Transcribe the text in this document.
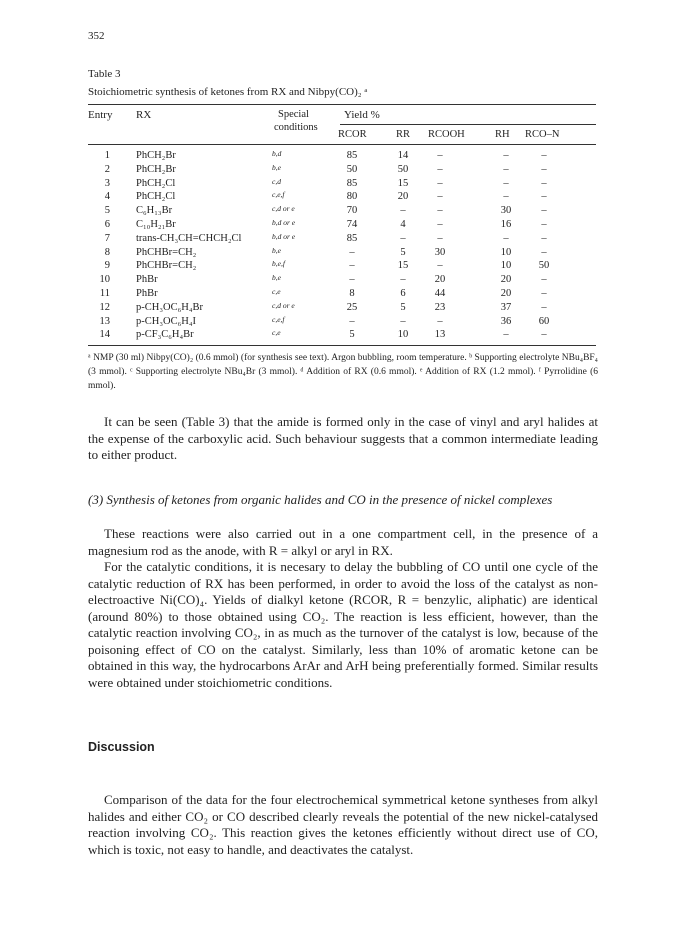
352
Table 3
Stoichiometric synthesis of ketones from RX and Nibpy(CO)₂ ᵃ
Entry RX	Special
conditions
Yield %
RCOR	RR RCOOH	RH RCO–N
1 PhCH₂Br	b,d	85	14	–	–	–
2 PhCH₂Br	b,e	50	50	–	–	–
3 PhCH₂Cl	c,d	85	15	–	–	–
4 PhCH₂Cl	c,e,f	80	20	–	–	–
5 C₆H₁₃Br	c,d or e	70	–	–	30	–
6 C₁₀H₂₁Br	b,d or e	74	4	–	16	–
7 trans-CH₃CH=CHCH₂Cl	b,d or e	85	–	–	–	–
8 PhCHBr=CH₂	b,e	–	5	30	10	–
9 PhCHBr=CH₂	b,e,f	–	15	–	10	50
10 PhBr	b,e	–	–	20	20	–
11 PhBr	c,e	8	6	44	20	–
12 p-CH₃OC₆H₄Br	c,d or e	25	5	23	37	–
13 p-CH₃OC₆H₄I	c,e,f	–	–	–	36	60
14 p-CF₃C₆H₄Br	c,e	5	10	13	–	–
ᵃ NMP (30 ml) Nibpy(CO)₂ (0.6 mmol) (for synthesis see text). Argon bubbling, room temperature. ᵇ Supporting electrolyte NBu₄BF₄ (3 mmol). ᶜ Supporting electrolyte NBu₄Br (3 mmol). ᵈ Addition of RX (0.6 mmol). ᵉ Addition of RX (1.2 mmol). ᶠ Pyrrolidine (6 mmol).

It can be seen (Table 3) that the amide is formed only in the case of vinyl and aryl halides at the expense of the carboxylic acid. Such behaviour suggests that a common intermediate leading to either product.

(3) Synthesis of ketones from organic halides and CO in the presence of nickel complexes

These reactions were also carried out in a one compartment cell, in the presence of a magnesium rod as the anode, with R = alkyl or aryl in RX.

For the catalytic conditions, it is necesary to delay the bubbling of CO until one cycle of the catalytic reduction of RX has been performed, in order to avoid the loss of the catalyst as non-electroactive Ni(CO)₄. Yields of dialkyl ketone (RCOR, R = benzylic, aliphatic) are identical (around 80%) to those obtained using CO₂. The reaction is less efficient, however, than the catalytic reaction involving CO₂, in as much as the turnover of the catalyst is low, because of the poisoning effect of CO on the catalyst. Similarly, less than 10% of aromatic ketone can be obtained in this way, the hydrocarbons ArAr and ArH being preferentially formed. Similar results were obtained under stoichiometric conditions.

Discussion

Comparison of the data for the four electrochemical symmetrical ketone syntheses from alkyl halides and either CO₂ or CO described clearly reveals the potential of the new nickel-catalysed reaction involving CO₂. This reaction gives the ketones efficiently without direct use of CO, which is toxic, not easy to handle, and deactivates the catalyst.
